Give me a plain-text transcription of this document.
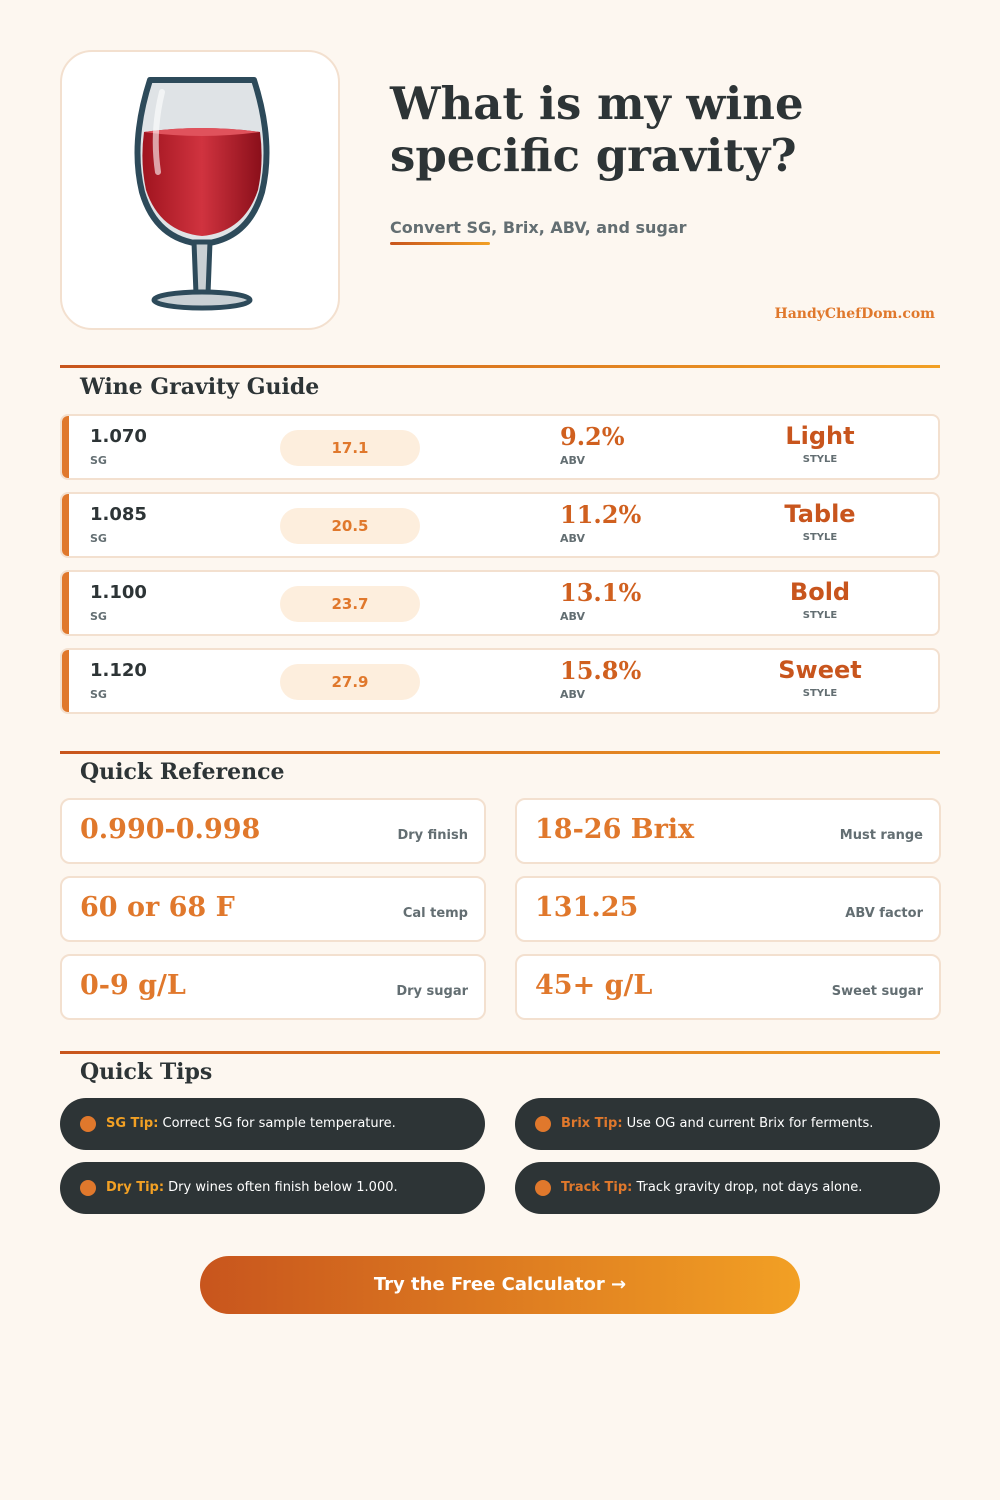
What is my wine specific gravity?
Convert SG, Brix, ABV, and sugar
HandyChefDom.com
Wine Gravity Guide
1.070
SG
17.1	9.2%
ABV
Light
STYLE
1.085
SG
20.5	11.2%
ABV
Table
STYLE
1.100
SG
23.7	13.1%
ABV
Bold
STYLE
1.120
SG
27.9	15.8%
ABV
Sweet
STYLE
Quick Reference
0.990-0.998	Dry finish 18-26 Brix	Must range
60 or 68 F	Cal temp 131.25	ABV factor
0-9 g/L	Dry sugar 45+ g/L	Sweet sugar
Quick Tips
SG Tip: Correct SG for sample temperature.	Brix Tip: Use OG and current Brix for ferments.
Dry Tip: Dry wines often finish below 1.000.	Track Tip: Track gravity drop, not days alone.
Try the Free Calculator →
